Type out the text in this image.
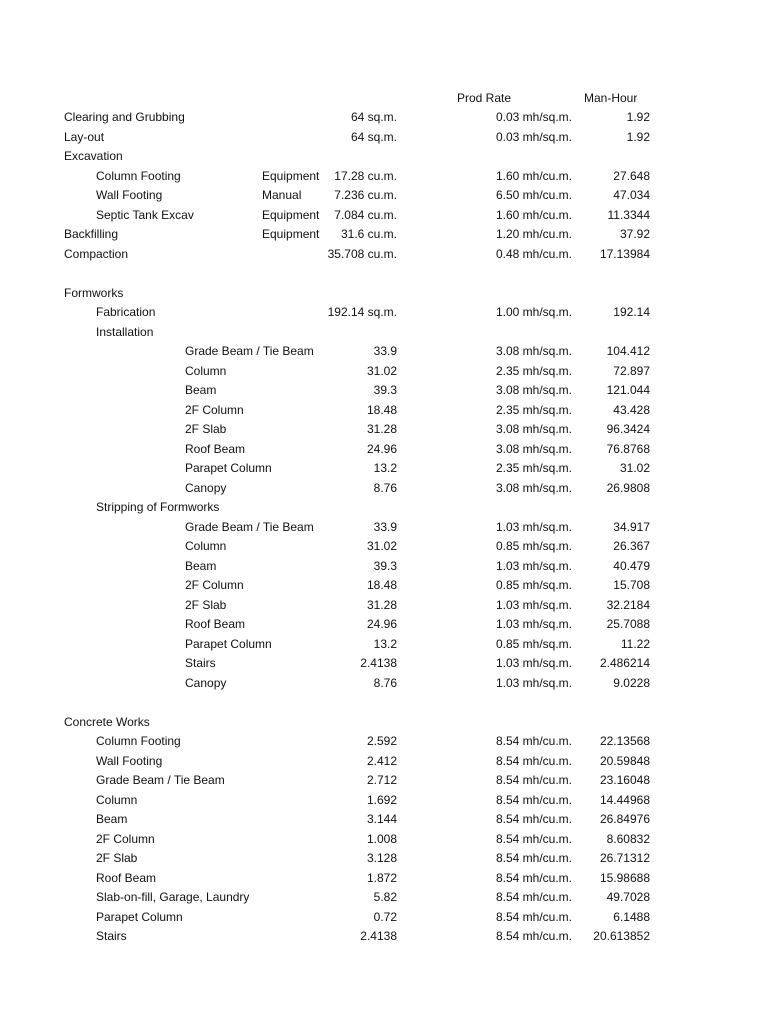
Prod Rate	Man-Hour
Clearing and Grubbing	64 sq.m.	0.03 mh/sq.m.	1.92
Lay-out	64 sq.m.	0.03 mh/sq.m.	1.92
Excavation
Column Footing	Equipment 17.28 cu.m.	1.60 mh/cu.m.	27.648
Wall Footing	Manual	7.236 cu.m.	6.50 mh/cu.m.	47.034
Septic Tank Excav	Equipment 7.084 cu.m.	1.60 mh/cu.m.	11.3344
Backfilling	Equipment 31.6 cu.m.	1.20 mh/cu.m.	37.92
Compaction	35.708 cu.m.	0.48 mh/cu.m. 17.13984
Formworks
Fabrication	192.14 sq.m.	1.00 mh/sq.m.	192.14
Installation
Grade Beam / Tie Beam	33.9	3.08 mh/sq.m.	104.412
Column	31.02	2.35 mh/sq.m.	72.897
Beam	39.3	3.08 mh/sq.m.	121.044
2F Column	18.48	2.35 mh/sq.m.	43.428
2F Slab	31.28	3.08 mh/sq.m.	96.3424
Roof Beam	24.96	3.08 mh/sq.m.	76.8768
Parapet Column	13.2	2.35 mh/sq.m.	31.02
Canopy	8.76	3.08 mh/sq.m.	26.9808
Stripping of Formworks
Grade Beam / Tie Beam	33.9	1.03 mh/sq.m.	34.917
Column	31.02	0.85 mh/sq.m.	26.367
Beam	39.3	1.03 mh/sq.m.	40.479
2F Column	18.48	0.85 mh/sq.m.	15.708
2F Slab	31.28	1.03 mh/sq.m.	32.2184
Roof Beam	24.96	1.03 mh/sq.m.	25.7088
Parapet Column	13.2	0.85 mh/sq.m.	11.22
Stairs	2.4138	1.03 mh/sq.m. 2.486214
Canopy	8.76	1.03 mh/sq.m.	9.0228
Concrete Works
Column Footing	2.592	8.54 mh/cu.m. 22.13568
Wall Footing	2.412	8.54 mh/cu.m. 20.59848
Grade Beam / Tie Beam	2.712	8.54 mh/cu.m. 23.16048
Column	1.692	8.54 mh/cu.m. 14.44968
Beam	3.144	8.54 mh/cu.m. 26.84976
2F Column	1.008	8.54 mh/cu.m.	8.60832
2F Slab	3.128	8.54 mh/cu.m. 26.71312
Roof Beam	1.872	8.54 mh/cu.m. 15.98688
Slab-on-fill, Garage, Laundry	5.82	8.54 mh/cu.m.	49.7028
Parapet Column	0.72	8.54 mh/cu.m.	6.1488
Stairs	2.4138	8.54 mh/cu.m. 20.613852
